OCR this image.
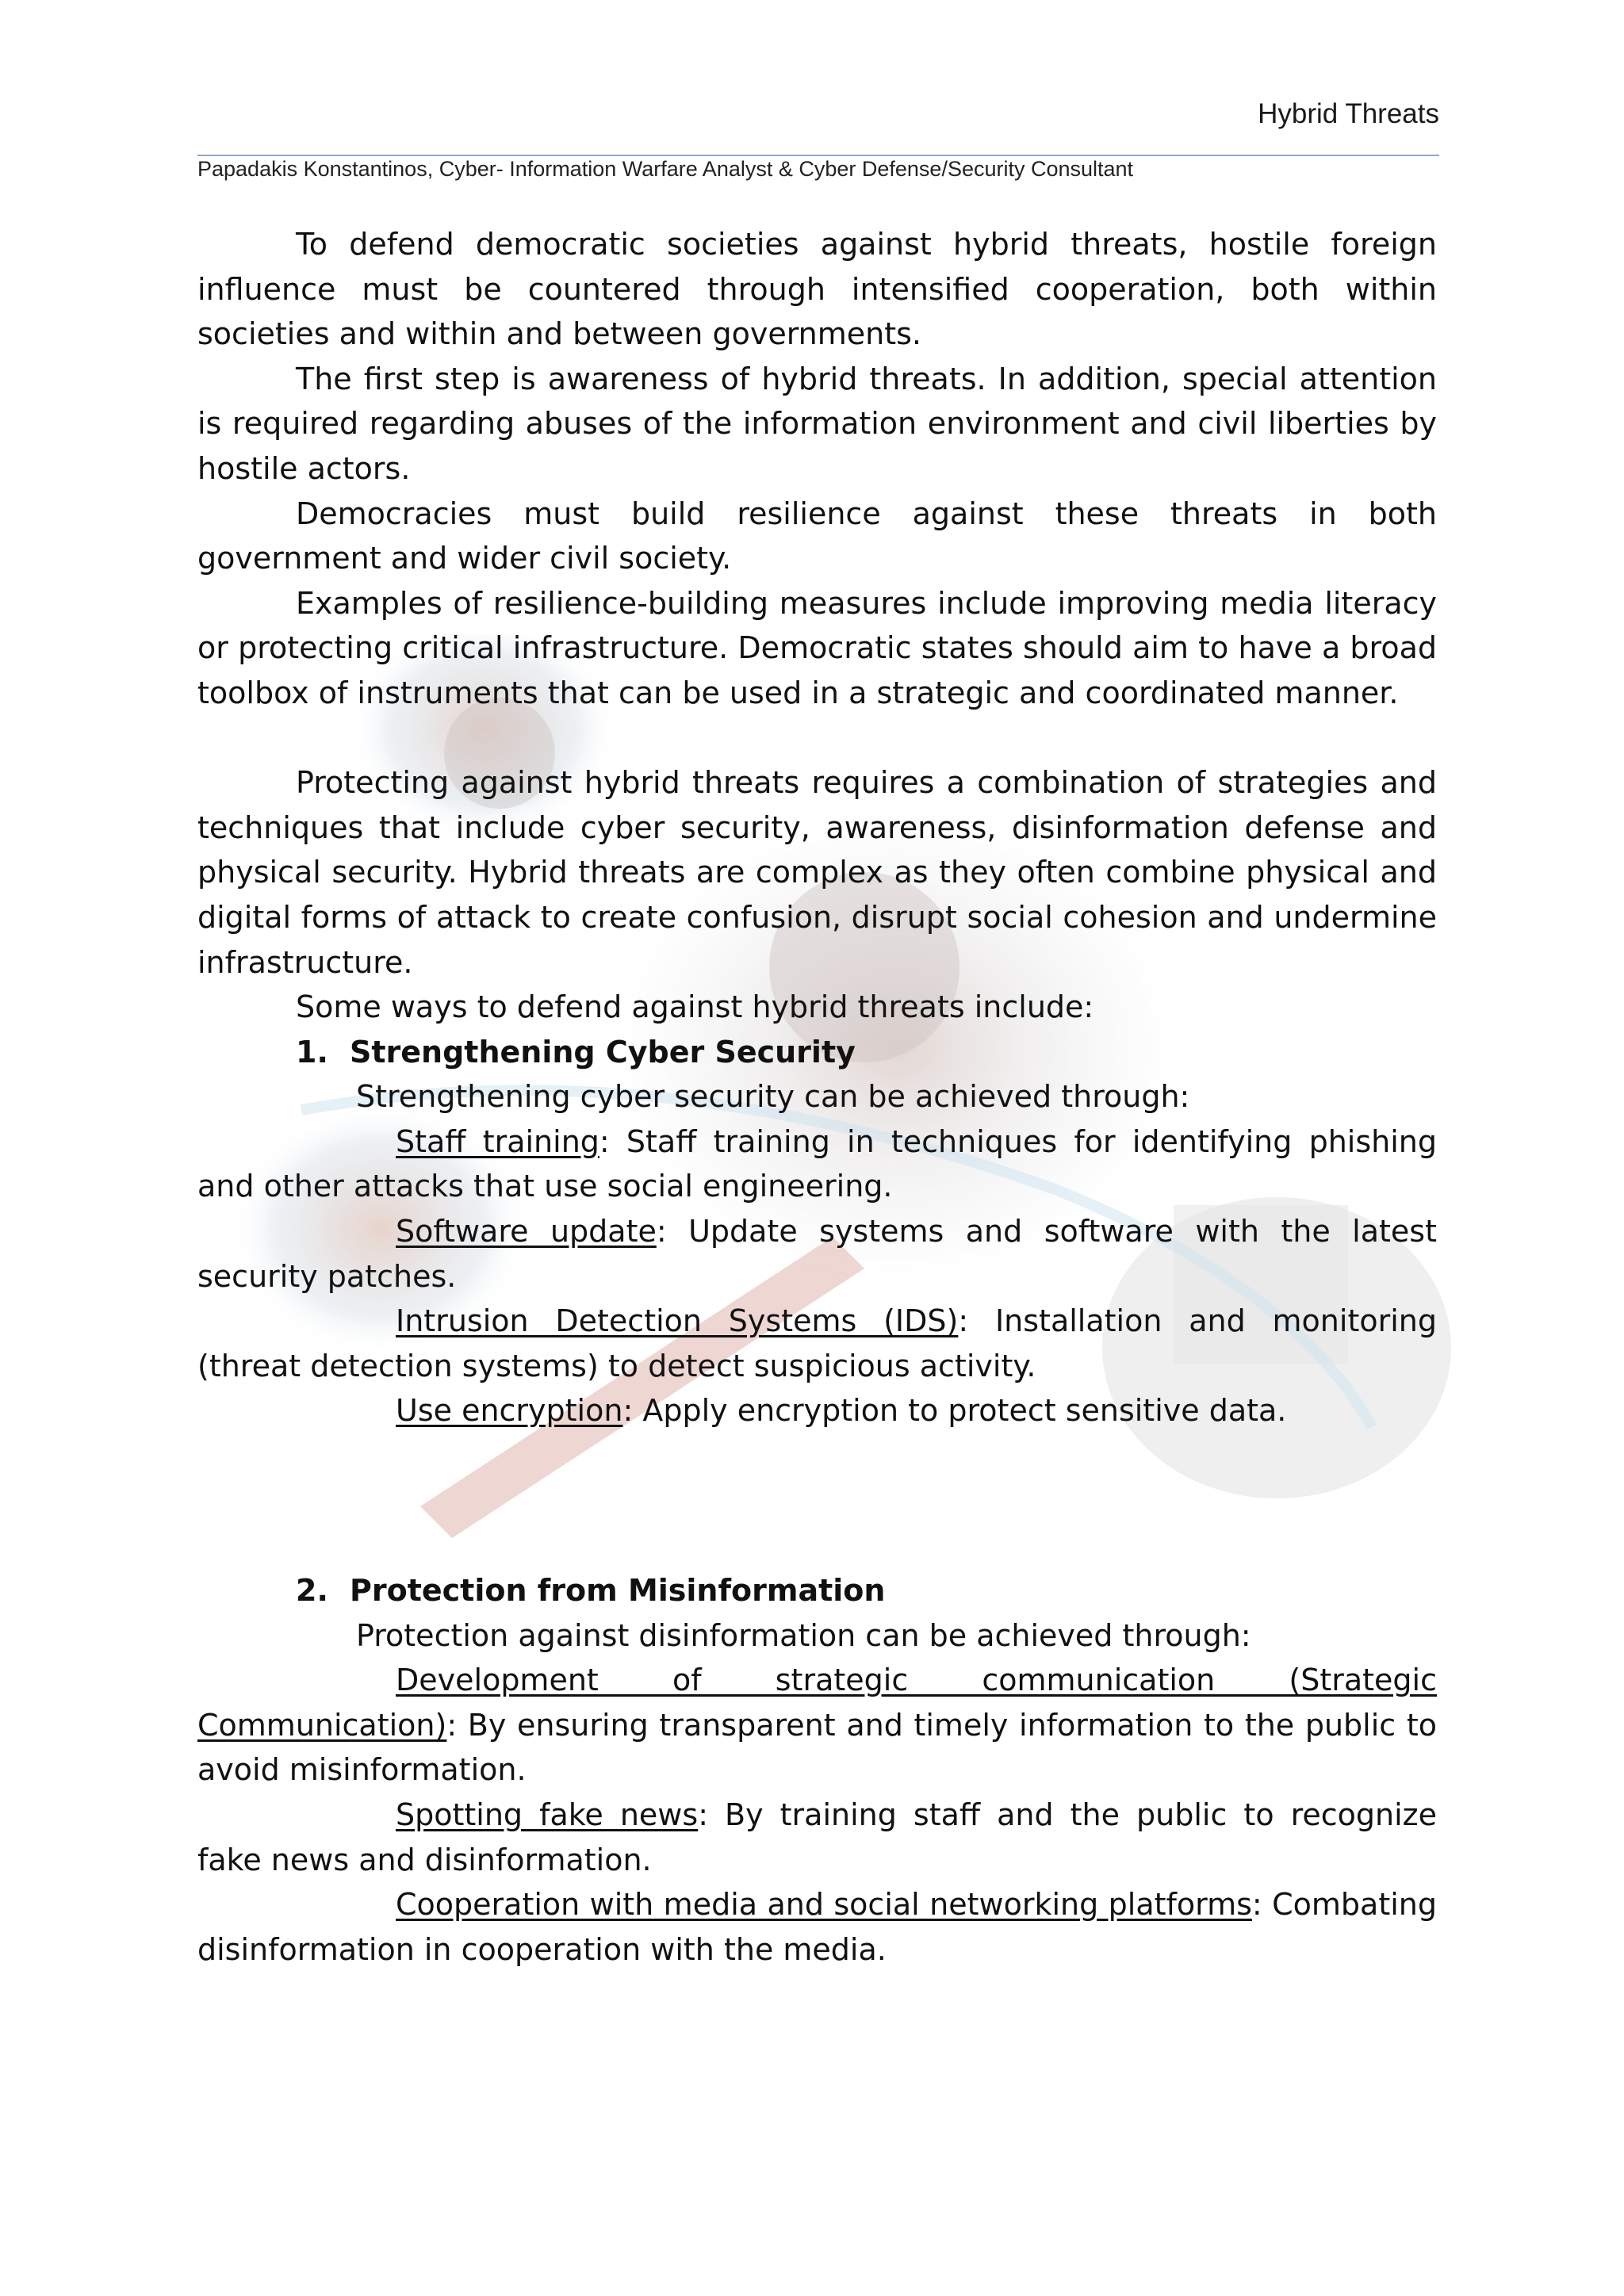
Hybrid Threats
Papadakis Konstantinos, Cyber- Information Warfare Analyst & Cyber Defense/Security Consultant

To defend democratic societies against hybrid threats, hostile foreign influence must be countered through intensified cooperation, both within societies and within and between governments.

The first step is awareness of hybrid threats. In addition, special attention is required regarding abuses of the information environment and civil liberties by hostile actors.

Democracies must build resilience against these threats in both government and wider civil society.

Examples of resilience-building measures include improving media literacy or protecting critical infrastructure. Democratic states should aim to have a broad toolbox of instruments that can be used in a strategic and coordinated manner.

Protecting against hybrid threats requires a combination of strategies and techniques that include cyber security, awareness, disinformation defense and physical security. Hybrid threats are complex as they often combine physical and digital forms of attack to create confusion, disrupt social cohesion and undermine infrastructure.

Some ways to defend against hybrid threats include:

1. Strengthening Cyber Security

Strengthening cyber security can be achieved through:

Staff training: Staff training in techniques for identifying phishing and other attacks that use social engineering.

Software update: Update systems and software with the latest security patches.

Intrusion Detection Systems (IDS): Installation and monitoring (threat detection systems) to detect suspicious activity.

Use encryption: Apply encryption to protect sensitive data.

2. Protection from Misinformation

Protection against disinformation can be achieved through:

Development of strategic communication (Strategic Communication): By ensuring transparent and timely information to the public to avoid misinformation.

Spotting fake news: By training staff and the public to recognize fake news and disinformation.

Cooperation with media and social networking platforms: Combating disinformation in cooperation with the media.
